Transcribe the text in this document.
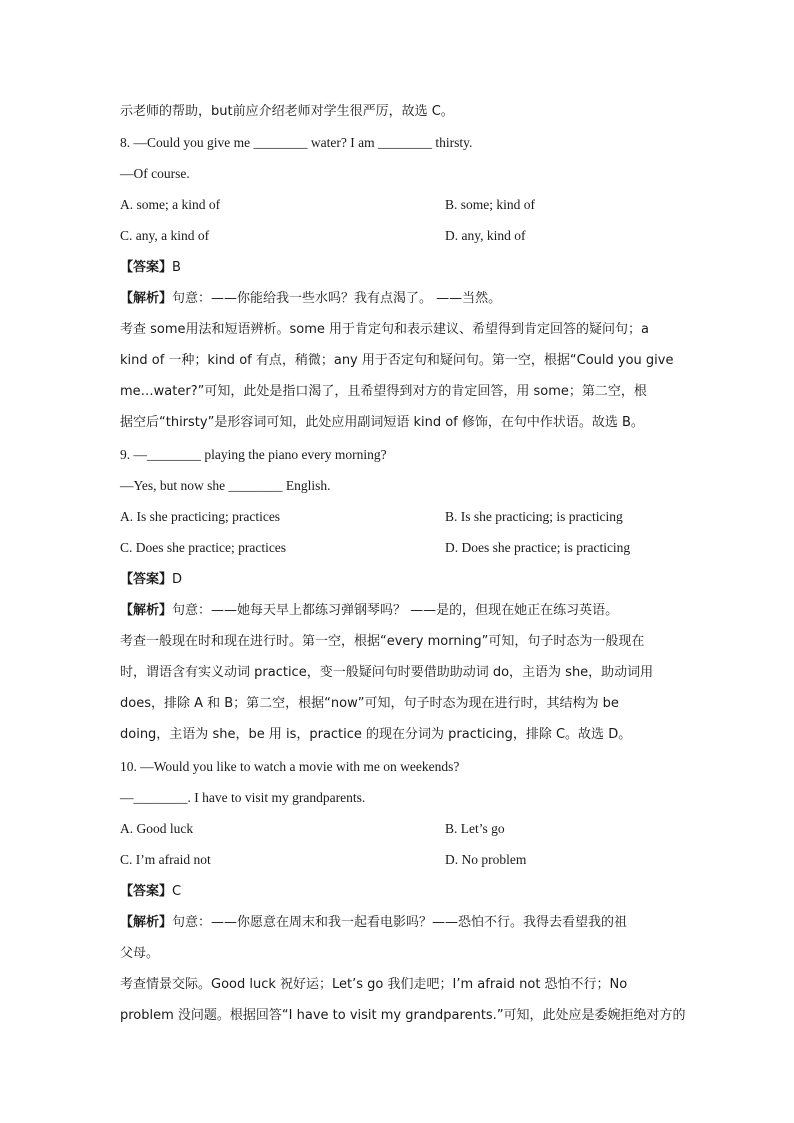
示老师的帮助，but前应介绍老师对学生很严厉，故选 C。
8. —Could you give me ________ water? I am ________ thirsty.
—Of course.
A. some; a kind of	B. some; kind of
C. any, a kind of	D. any, kind of
【答案】B
【解析】句意：——你能给我一些水吗？我有点渴了。 ——当然。
考查 some用法和短语辨析。some 用于肯定句和表示建议、希望得到肯定回答的疑问句；a
kind of 一种；kind of 有点，稍微；any 用于否定句和疑问句。第一空，根据“Could you give
me…water?”可知，此处是指口渴了，且希望得到对方的肯定回答，用 some；第二空，根
据空后“thirsty”是形容词可知，此处应用副词短语 kind of 修饰，在句中作状语。故选 B。
9. —________ playing the piano every morning?
—Yes, but now she ________ English.
A. Is she practicing; practices	B. Is she practicing; is practicing
C. Does she practice; practices	D. Does she practice; is practicing
【答案】D
【解析】句意：——她每天早上都练习弹钢琴吗？ ——是的，但现在她正在练习英语。
考查一般现在时和现在进行时。第一空，根据“every morning”可知，句子时态为一般现在
时，谓语含有实义动词 practice，变一般疑问句时要借助助动词 do，主语为 she，助动词用
does，排除 A 和 B；第二空，根据“now”可知，句子时态为现在进行时，其结构为 be
doing，主语为 she，be 用 is，practice 的现在分词为 practicing，排除 C。故选 D。
10. —Would you like to watch a movie with me on weekends?
—________. I have to visit my grandparents.
A. Good luck	B. Let’s go
C. I’m afraid not	D. No problem
【答案】C
【解析】句意：——你愿意在周末和我一起看电影吗？——恐怕不行。我得去看望我的祖
父母。
考查情景交际。Good luck 祝好运；Let’s go 我们走吧；I’m afraid not 恐怕不行；No
problem 没问题。根据回答“I have to visit my grandparents.”可知，此处应是委婉拒绝对方的
